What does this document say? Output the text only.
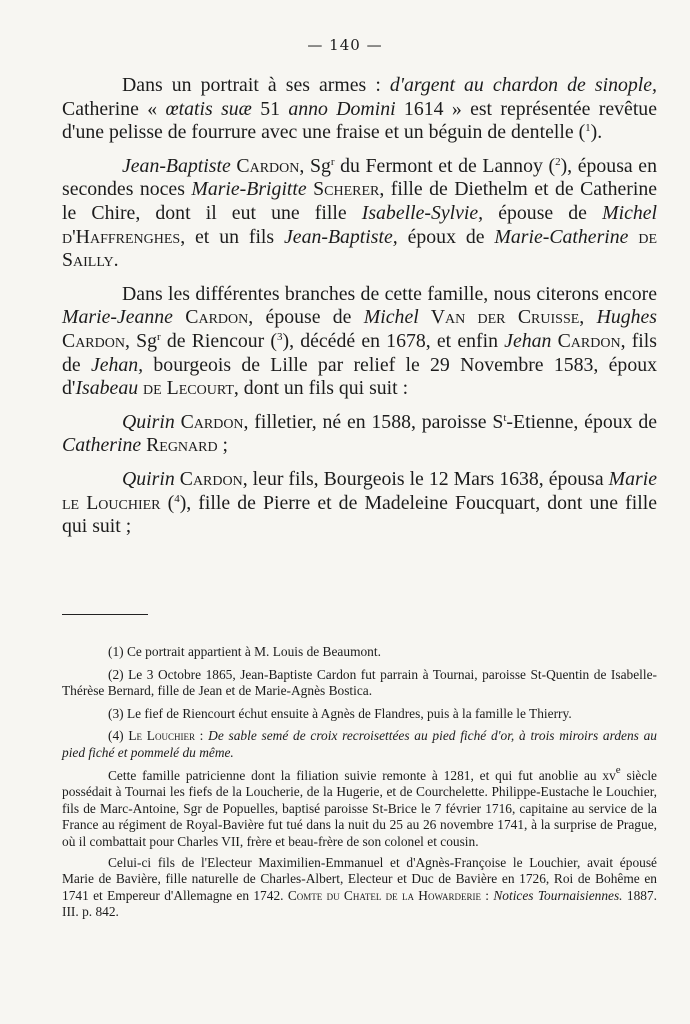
— 140 —

Dans un portrait à ses armes : d'argent au chardon de sinople, Catherine « œtatis suæ 51 anno Domini 1614 » est représentée revêtue d'une pelisse de fourrure avec une fraise et un béguin de dentelle ($^1$).

Jean-Baptiste Cardon, Sg$^r$ du Fermont et de Lannoy ($^2$), épousa en secondes noces Marie-Brigitte Scherer, fille de Diethelm et de Catherine le Chire, dont il eut une fille Isabelle-Sylvie, épouse de Michel d'Haffrenghes, et un fils Jean-Baptiste, époux de Marie-Catherine de Sailly.

Dans les différentes branches de cette famille, nous citerons encore Marie-Jeanne Cardon, épouse de Michel Van der Cruisse, Hughes Cardon, Sg$^r$ de Riencour ($^3$), décédé en 1678, et enfin Jehan Cardon, fils de Jehan, bourgeois de Lille par relief le 29 Novembre 1583, époux d'Isabeau de Lecourt, dont un fils qui suit :

Quirin Cardon, filletier, né en 1588, paroisse $S^t$-Etienne, époux de Catherine Regnard ;

Quirin Cardon, leur fils, Bourgeois le 12 Mars 1638, épousa Marie le Louchier ($^4$), fille de Pierre et de Madeleine Foucquart, dont une fille qui suit ;

(1) Ce portrait appartient à M. Louis de Beaumont.

(2) Le 3 Octobre 1865, Jean-Baptiste Cardon fut parrain à Tournai, paroisse St-Quentin de Isabelle-Thérèse Bernard, fille de Jean et de Marie-Agnès Bostica.

(3) Le fief de Riencourt échut ensuite à Agnès de Flandres, puis à la famille le Thierry.

(4) Le Louchier : De sable semé de croix recroisettées au pied fiché d'or, à trois miroirs ardens au pied fiché et pommelé du même.

Cette famille patricienne dont la filiation suivie remonte à 1281, et qui fut anoblie au $xv^e$ siècle possédait à Tournai les fiefs de la Loucherie, de la Hugerie, et de Courchelette. Philippe-Eustache le Louchier, fils de Marc-Antoine, Sgr de Popuelles, baptisé paroisse St-Brice le 7 février 1716, capitaine au service de la France au régiment de Royal-Bavière fut tué dans la nuit du 25 au 26 novembre 1741, à la surprise de Prague, où il combattait pour Charles VII, frère et beau-frère de son colonel et cousin.

Celui-ci fils de l'Electeur Maximilien-Emmanuel et d'Agnès-Françoise le Louchier, avait épousé Marie de Bavière, fille naturelle de Charles-Albert, Electeur et Duc de Bavière en 1726, Roi de Bohême en 1741 et Empereur d'Allemagne en 1742. Comte du Chatel de la Howarderie : Notices Tournaisiennes. 1887. III. p. 842.
